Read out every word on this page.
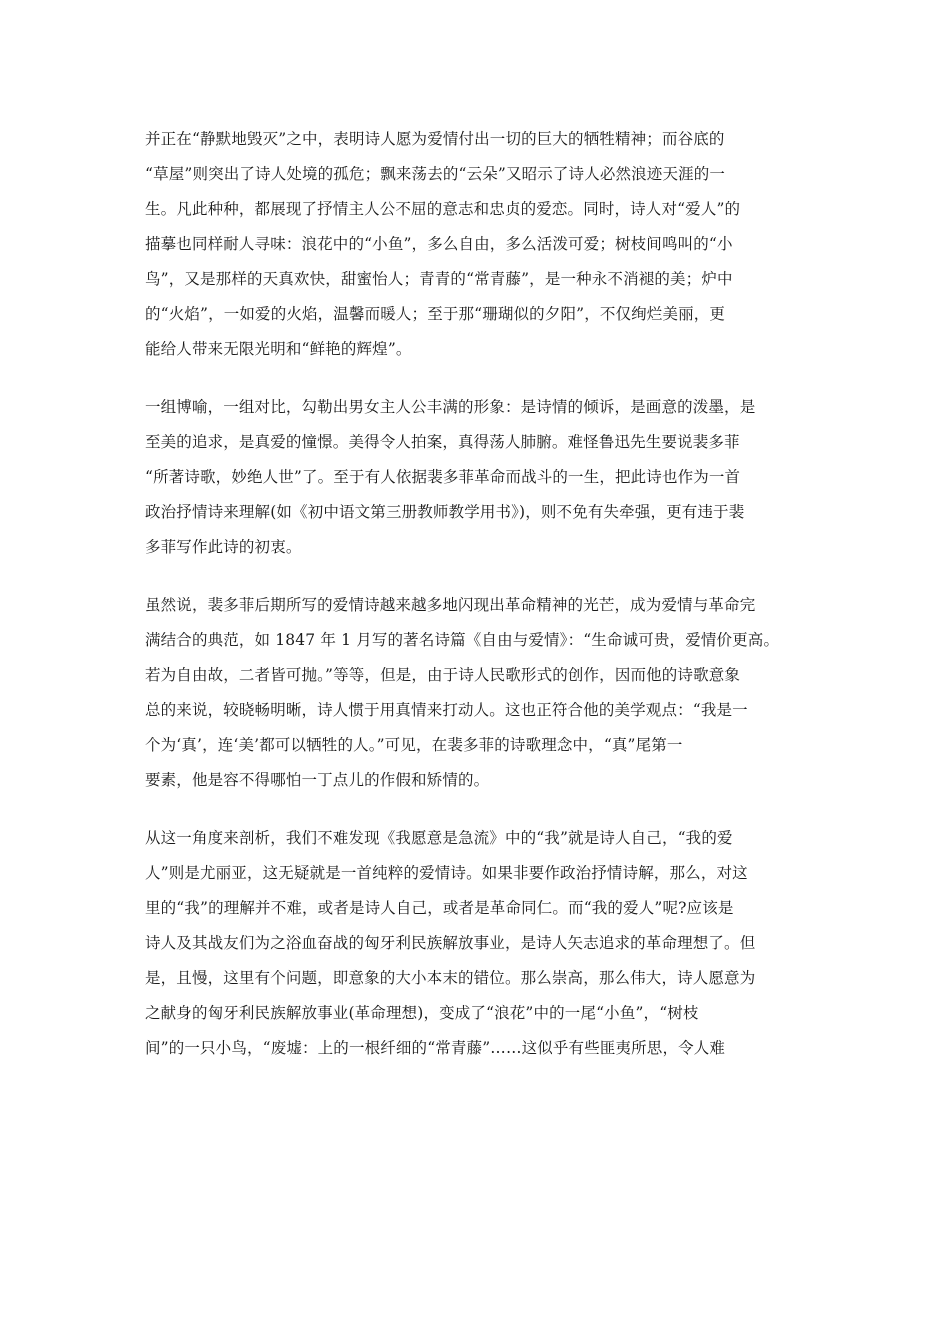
并正在“静默地毁灭”之中，表明诗人愿为爱情付出一切的巨大的牺牲精神；而谷底的
“草屋”则突出了诗人处境的孤危；飘来荡去的“云朵”又昭示了诗人必然浪迹天涯的一
生。凡此种种，都展现了抒情主人公不屈的意志和忠贞的爱恋。同时，诗人对“爱人”的
描摹也同样耐人寻味：浪花中的“小鱼”，多么自由，多么活泼可爱；树枝间鸣叫的“小
鸟”，又是那样的天真欢快，甜蜜怡人；青青的“常青藤”，是一种永不消褪的美；炉中
的“火焰”，一如爱的火焰，温馨而暖人；至于那“珊瑚似的夕阳”，不仅绚烂美丽，更
能给人带来无限光明和“鲜艳的辉煌”。
一组博喻，一组对比，勾勒出男女主人公丰满的形象：是诗情的倾诉，是画意的泼墨，是
至美的追求，是真爱的憧憬。美得令人拍案，真得荡人肺腑。难怪鲁迅先生要说裴多菲
“所著诗歌，妙绝人世”了。至于有人依据裴多菲革命而战斗的一生，把此诗也作为一首
政治抒情诗来理解(如《初中语文第三册教师教学用书》)，则不免有失牵强，更有违于裴
多菲写作此诗的初衷。
虽然说，裴多菲后期所写的爱情诗越来越多地闪现出革命精神的光芒，成为爱情与革命完
满结合的典范，如 1847 年 1 月写的著名诗篇《自由与爱情》：“生命诚可贵，爱情价更高。
若为自由故，二者皆可抛。”等等，但是，由于诗人民歌形式的创作，因而他的诗歌意象
总的来说，较晓畅明晰，诗人惯于用真情来打动人。这也正符合他的美学观点：“我是一
个为‘真’，连‘美’都可以牺牲的人。”可见，在裴多菲的诗歌理念中，“真”尾第一
要素，他是容不得哪怕一丁点儿的作假和矫情的。
从这一角度来剖析，我们不难发现《我愿意是急流》中的“我”就是诗人自己，“我的爱
人”则是尤丽亚，这无疑就是一首纯粹的爱情诗。如果非要作政治抒情诗解，那么，对这
里的“我”的理解并不难，或者是诗人自己，或者是革命同仁。而“我的爱人”呢?应该是
诗人及其战友们为之浴血奋战的匈牙利民族解放事业，是诗人矢志追求的革命理想了。但
是，且慢，这里有个问题，即意象的大小本末的错位。那么崇高，那么伟大，诗人愿意为
之献身的匈牙利民族解放事业(革命理想)，变成了“浪花”中的一尾“小鱼”，“树枝
间”的一只小鸟，“废墟：上的一根纤细的“常青藤”……这似乎有些匪夷所思，令人难
